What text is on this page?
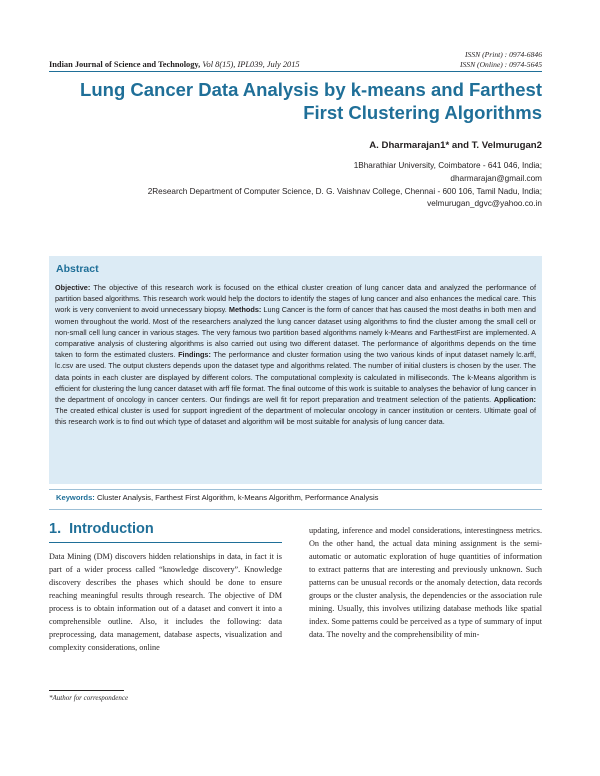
Indian Journal of Science and Technology, Vol 8(15), IPL039, July 2015
ISSN (Print) : 0974-6846
ISSN (Online) : 0974-5645
Lung Cancer Data Analysis by k-means and Farthest First Clustering Algorithms
A. Dharmarajan1* and T. Velmurugan2
1Bharathiar University, Coimbatore - 641 046, India;
dharmarajan@gmail.com
2Research Department of Computer Science, D. G. Vaishnav College, Chennai - 600 106, Tamil Nadu, India;
velmurugan_dgvc@yahoo.co.in
Abstract
Objective: The objective of this research work is focused on the ethical cluster creation of lung cancer data and analyzed the performance of partition based algorithms. This research work would help the doctors to identify the stages of lung cancer and also enhances the medical care. This work is very convenient to avoid unnecessary biopsy. Methods: Lung Cancer is the form of cancer that has caused the most deaths in both men and women throughout the world. Most of the researchers analyzed the lung cancer dataset using algorithms to find the cluster among the small cell or non-small cell lung cancer in various stages. The very famous two partition based algorithms namely k-Means and FarthestFirst are implemented. A comparative analysis of clustering algorithms is also carried out using two different dataset. The performance of algorithms depends on the time taken to form the estimated clusters. Findings: The performance and cluster formation using the two various kinds of input dataset namely lc.arff, lc.csv are used. The output clusters depends upon the dataset type and algorithms related. The number of initial clusters is chosen by the user. The data points in each cluster are displayed by different colors. The computational complexity is calculated in milliseconds. The k-Means algorithm is efficient for clustering the lung cancer dataset with arff file format. The final outcome of this work is suitable to analyses the behavior of lung cancer in the department of oncology in cancer centers. Our findings are well fit for report preparation and treatment selection of the patients. Application: The created ethical cluster is used for support ingredient of the department of molecular oncology in cancer institution or centers. Ultimate goal of this research work is to find out which type of dataset and algorithm will be most suitable for analysis of lung cancer data.
Keywords: Cluster Analysis, Farthest First Algorithm, k-Means Algorithm, Performance Analysis
1. Introduction
Data Mining (DM) discovers hidden relationships in data, in fact it is part of a wider process called “knowledge discovery”. Knowledge discovery describes the phases which should be done to ensure reaching meaningful results through research. The objective of DM process is to obtain information out of a dataset and convert it into a comprehensible outline. Also, it includes the following: data preprocessing, data management, database aspects, visualization and complexity considerations, online
updating, inference and model considerations, interestingness metrics. On the other hand, the actual data mining assignment is the semi-automatic or automatic exploration of huge quantities of information to extract patterns that are interesting and previously unknown. Such patterns can be unusual records or the anomaly detection, data records groups or the cluster analysis, the dependencies or the association rule mining. Usually, this involves utilizing database methods like spatial index. Some patterns could be perceived as a type of summary of input data. The novelty and the comprehensibility of min-
*Author for correspondence
